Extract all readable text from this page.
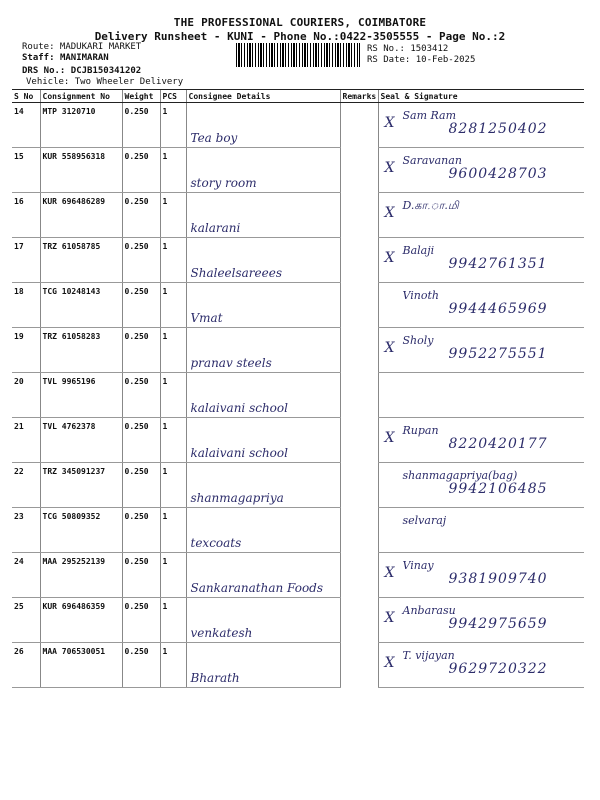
THE PROFESSIONAL COURIERS, COIMBATORE
Delivery Runsheet - KUNI - Phone No.:0422-3505555 - Page No.:2
Route: MADUKARI MARKET
Staff: MANIMARAN
DRS No.: DCJB150341202
Vehicle: Two Wheeler Delivery
RS No.: 1503412
RS Date: 10-Feb-2025
S No	Consignment No	Weight	PCS	Consignee Details	Remarks	Seal & Signature
14	MTP 3120710	0.250	1	Tea boy		X Sam Ram
8281250402

15	KUR 558956318	0.250	1	story room		X Saravanan
9600428703

16	KUR 696486289	0.250	1	kalarani		X D.கா.ா.மி

17	TRZ 61058785	0.250	1	Shaleelsareees		X Balaji
9942761351

18	TCG 10248143	0.250	1	Vmat		Vinoth
9944465969

19	TRZ 61058283	0.250	1	pranav steels		X Sholy
9952275551

20	TVL 9965196	0.250	1	kalaivani school		

21	TVL 4762378	0.250	1	kalaivani school		X Rupan
8220420177

22	TRZ 345091237	0.250	1	shanmagapriya		shanmagapriya(bag)
9942106485

23	TCG 50809352	0.250	1	texcoats		selvaraj

24	MAA 295252139	0.250	1	Sankaranathan Foods		X Vinay
9381909740

25	KUR 696486359	0.250	1	venkatesh		X Anbarasu
9942975659

26	MAA 706530051	0.250	1	Bharath		X T. vijayan
9629720322
